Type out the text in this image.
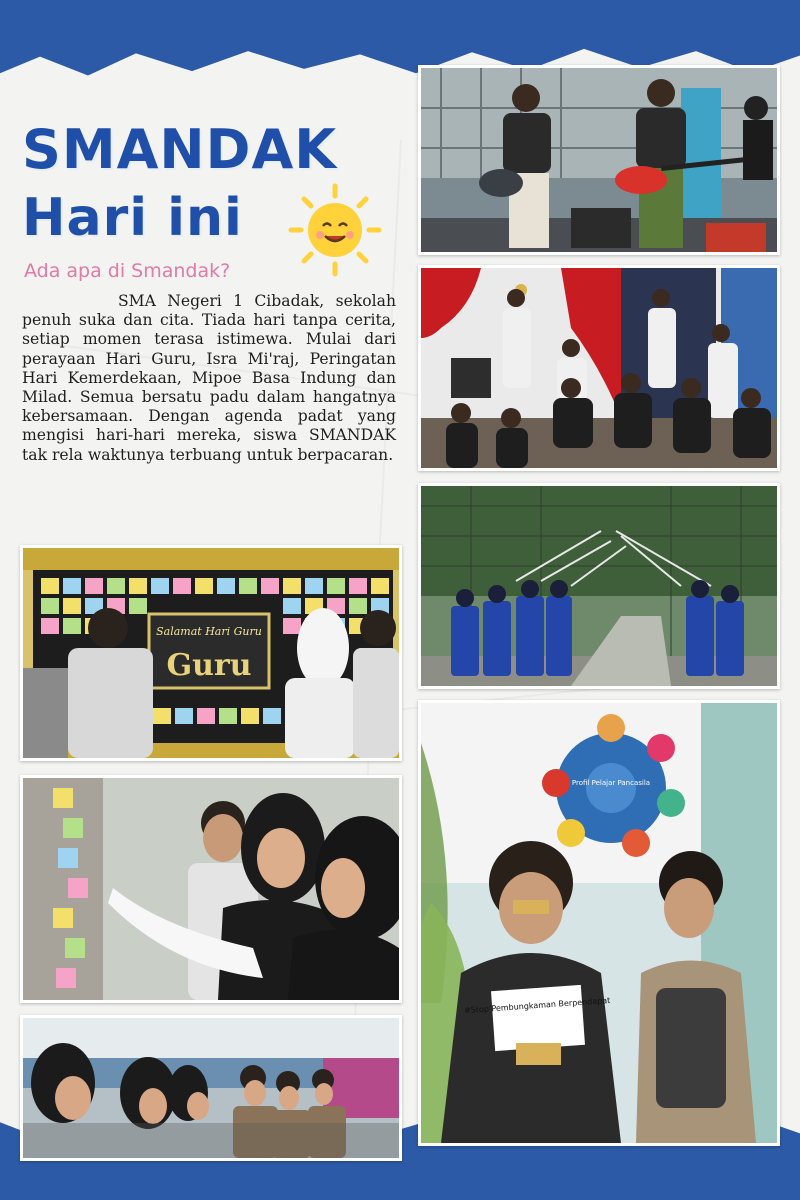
SMANDAK
Hari ini

Ada apa di Smandak?

SMA Negeri 1 Cibadak, sekolah penuh suka dan cita. Tiada hari tanpa cerita, setiap momen terasa istimewa. Mulai dari perayaan Hari Guru, Isra Mi'raj, Peringatan Hari Kemerdekaan, Mipoe Basa Indung dan Milad. Semua bersatu padu dalam hangatnya kebersamaan. Dengan agenda padat yang mengisi hari-hari mereka, siswa SMANDAK tak rela waktunya terbuang untuk berpacaran.

Salamat Hari Guru
Guru
Profil Pelajar Pancasila
#Stop Pembungkaman Berpendapat
